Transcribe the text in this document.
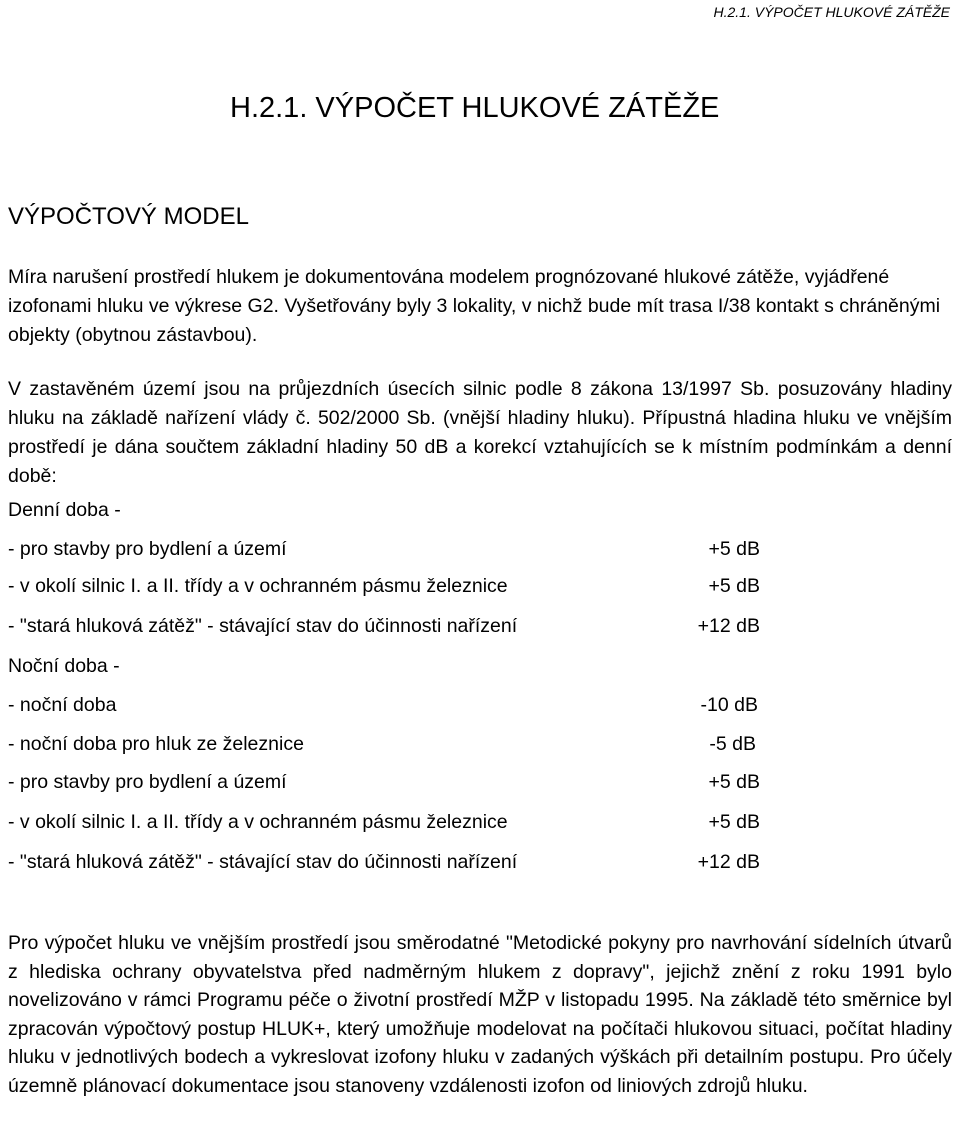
H.2.1. VÝPOČET HLUKOVÉ ZÁTĚŽE
H.2.1. VÝPOČET HLUKOVÉ ZÁTĚŽE
VÝPOČTOVÝ MODEL

Míra narušení prostředí hlukem je dokumentována modelem prognózované hlukové zátěže, vyjádřené izofonami hluku ve výkrese G2. Vyšetřovány byly 3 lokality, v nichž bude mít trasa I/38 kontakt s chráněnými objekty (obytnou zástavbou).

V zastavěném území jsou na průjezdních úsecích silnic podle 8 zákona 13/1997 Sb. posuzovány hladiny hluku na základě nařízení vlády č. 502/2000 Sb. (vnější hladiny hluku). Přípustná hladina hluku ve vnějším prostředí je dána součtem základní hladiny 50 dB a korekcí vztahujících se k místním podmínkám a denní době:

Denní doba -
- pro stavby pro bydlení a území	+5 dB
- v okolí silnic I. a II. třídy a v ochranném pásmu železnice	+5 dB
- "stará hluková zátěž" - stávající stav do účinnosti nařízení	+12 dB
Noční doba -
- noční doba	-10 dB
- noční doba pro hluk ze železnice	-5 dB
- pro stavby pro bydlení a území	+5 dB
- v okolí silnic I. a II. třídy a v ochranném pásmu železnice	+5 dB
- "stará hluková zátěž" - stávající stav do účinnosti nařízení	+12 dB

Pro výpočet hluku ve vnějším prostředí jsou směrodatné "Metodické pokyny pro navrhování sídelních útvarů z hlediska ochrany obyvatelstva před nadměrným hlukem z dopravy", jejichž znění z roku 1991 bylo novelizováno v rámci Programu péče o životní prostředí MŽP v listopadu 1995. Na základě této směrnice byl zpracován výpočtový postup HLUK+, který umožňuje modelovat na počítači hlukovou situaci, počítat hladiny hluku v jednotlivých bodech a vykreslovat izofony hluku v zadaných výškách při detailním postupu. Pro účely územně plánovací dokumentace jsou stanoveny vzdálenosti izofon od liniových zdrojů hluku.
